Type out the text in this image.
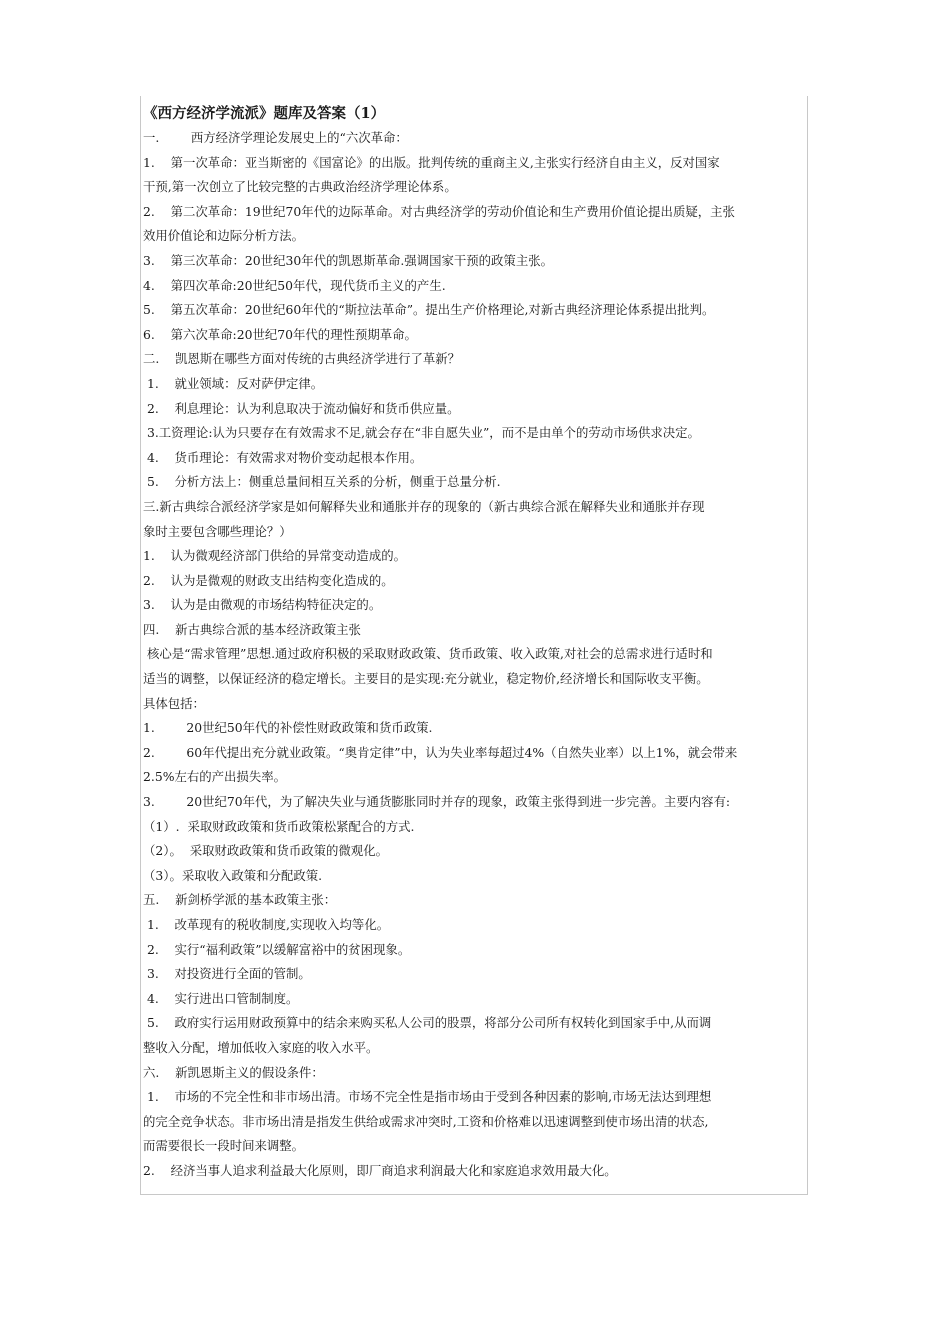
《西方经济学流派》题库及答案（1）

一.        西方经济学理论发展史上的“六次革命：

1.    第一次革命：亚当斯密的《国富论》的出版。批判传统的重商主义,主张实行经济自由主义，反对国家

干预,第一次创立了比较完整的古典政治经济学理论体系。

2.    第二次革命：19世纪70年代的边际革命。对古典经济学的劳动价值论和生产费用价值论提出质疑，主张

效用价值论和边际分析方法。

3.    第三次革命：20世纪30年代的凯恩斯革命.强调国家干预的政策主张。

4.    第四次革命:20世纪50年代，现代货币主义的产生.

5.    第五次革命：20世纪60年代的“斯拉法革命”。提出生产价格理论,对新古典经济理论体系提出批判。

6.    第六次革命:20世纪70年代的理性预期革命。

二.    凯恩斯在哪些方面对传统的古典经济学进行了革新？

1.    就业领域：反对萨伊定律。

2.    利息理论：认为利息取决于流动偏好和货币供应量。

3.工资理论:认为只要存在有效需求不足,就会存在“非自愿失业”，而不是由单个的劳动市场供求决定。

4.    货币理论：有效需求对物价变动起根本作用。

5.    分析方法上：侧重总量间相互关系的分析，侧重于总量分析.

三.新古典综合派经济学家是如何解释失业和通胀并存的现象的（新古典综合派在解释失业和通胀并存现

象时主要包含哪些理论？）

1.    认为微观经济部门供给的异常变动造成的。

2.    认为是微观的财政支出结构变化造成的。

3.    认为是由微观的市场结构特征决定的。

四.    新古典综合派的基本经济政策主张

核心是“需求管理”思想.通过政府积极的采取财政政策、货币政策、收入政策,对社会的总需求进行适时和

适当的调整，以保证经济的稳定增长。主要目的是实现:充分就业，稳定物价,经济增长和国际收支平衡。

具体包括：

1.        20世纪50年代的补偿性财政政策和货币政策.

2.        60年代提出充分就业政策。“奥肯定律”中，认为失业率每超过4%（自然失业率）以上1%，就会带来

2.5%左右的产出损失率。

3.        20世纪70年代，为了解决失业与通货膨胀同时并存的现象，政策主张得到进一步完善。主要内容有:

（1）.  采取财政政策和货币政策松紧配合的方式.

（2）。  采取财政政策和货币政策的微观化。

（3）。采取收入政策和分配政策.

五.    新剑桥学派的基本政策主张：

1.    改革现有的税收制度,实现收入均等化。

2.    实行“福利政策”以缓解富裕中的贫困现象。

3.    对投资进行全面的管制。

4.    实行进出口管制制度。

5.    政府实行运用财政预算中的结余来购买私人公司的股票，将部分公司所有权转化到国家手中,从而调

整收入分配，增加低收入家庭的收入水平。

六.    新凯恩斯主义的假设条件：

1.    市场的不完全性和非市场出清。市场不完全性是指市场由于受到各种因素的影响,市场无法达到理想

的完全竞争状态。非市场出清是指发生供给或需求冲突时,工资和价格难以迅速调整到使市场出清的状态,

而需要很长一段时间来调整。

2.    经济当事人追求利益最大化原则，即厂商追求利润最大化和家庭追求效用最大化。
